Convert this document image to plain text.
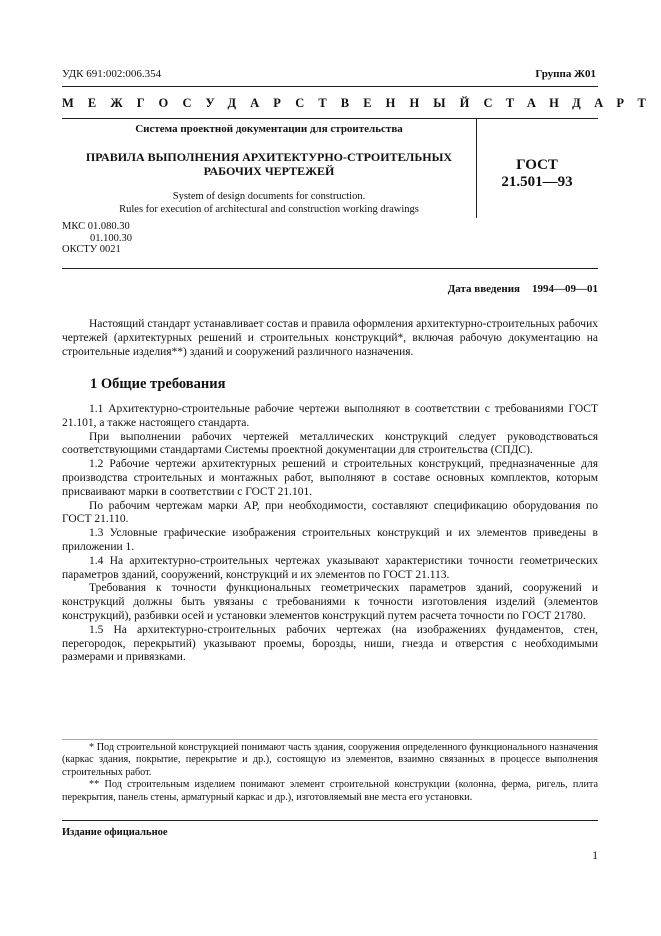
УДК 691:002:006.354	Группа Ж01
МЕЖГОСУДАРСТВЕННЫЙ СТАНДАРТ
Система проектной документации для строительства
ПРАВИЛА ВЫПОЛНЕНИЯ АРХИТЕКТУРНО-СТРОИТЕЛЬНЫХ
РАБОЧИХ ЧЕРТЕЖЕЙ	ГОСТ
21.501—93
System of design documents for construction.
Rules for execution of architectural and construction working drawings
МКС 01.080.30
01.100.30
ОКСТУ 0021
Дата введения 1994—09—01

Настоящий стандарт устанавливает состав и правила оформления архитектурно-строительных рабочих чертежей (архитектурных решений и строительных конструкций*, включая рабочую документацию на строительные изделия**) зданий и сооружений различного назначения.

1 Общие требования

1.1 Архитектурно-строительные рабочие чертежи выполняют в соответствии с требованиями ГОСТ 21.101, а также настоящего стандарта.

При выполнении рабочих чертежей металлических конструкций следует руководствоваться соответствующими стандартами Системы проектной документации для строительства (СПДС).

1.2 Рабочие чертежи архитектурных решений и строительных конструкций, предназначенные для производства строительных и монтажных работ, выполняют в составе основных комплектов, которым присваивают марки в соответствии с ГОСТ 21.101.

По рабочим чертежам марки АР, при необходимости, составляют спецификацию оборудования по ГОСТ 21.110.

1.3 Условные графические изображения строительных конструкций и их элементов приведены в приложении 1.

1.4 На архитектурно-строительных чертежах указывают характеристики точности геометрических параметров зданий, сооружений, конструкций и их элементов по ГОСТ 21.113.

Требования к точности функциональных геометрических параметров зданий, сооружений и конструкций должны быть увязаны с требованиями к точности изготовления изделий (элементов конструкций), разбивки осей и установки элементов конструкций путем расчета точности по ГОСТ 21780.

1.5 На архитектурно-строительных рабочих чертежах (на изображениях фундаментов, стен, перегородок, перекрытий) указывают проемы, борозды, ниши, гнезда и отверстия с необходимыми размерами и привязками.

* Под строительной конструкцией понимают часть здания, сооружения определенного функционального назначения (каркас здания, покрытие, перекрытие и др.), состоящую из элементов, взаимно связанных в процессе выполнения строительных работ.

** Под строительным изделием понимают элемент строительной конструкции (колонна, ферма, ригель, плита перекрытия, панель стены, арматурный каркас и др.), изготовляемый вне места его установки.

Издание официальное
1
